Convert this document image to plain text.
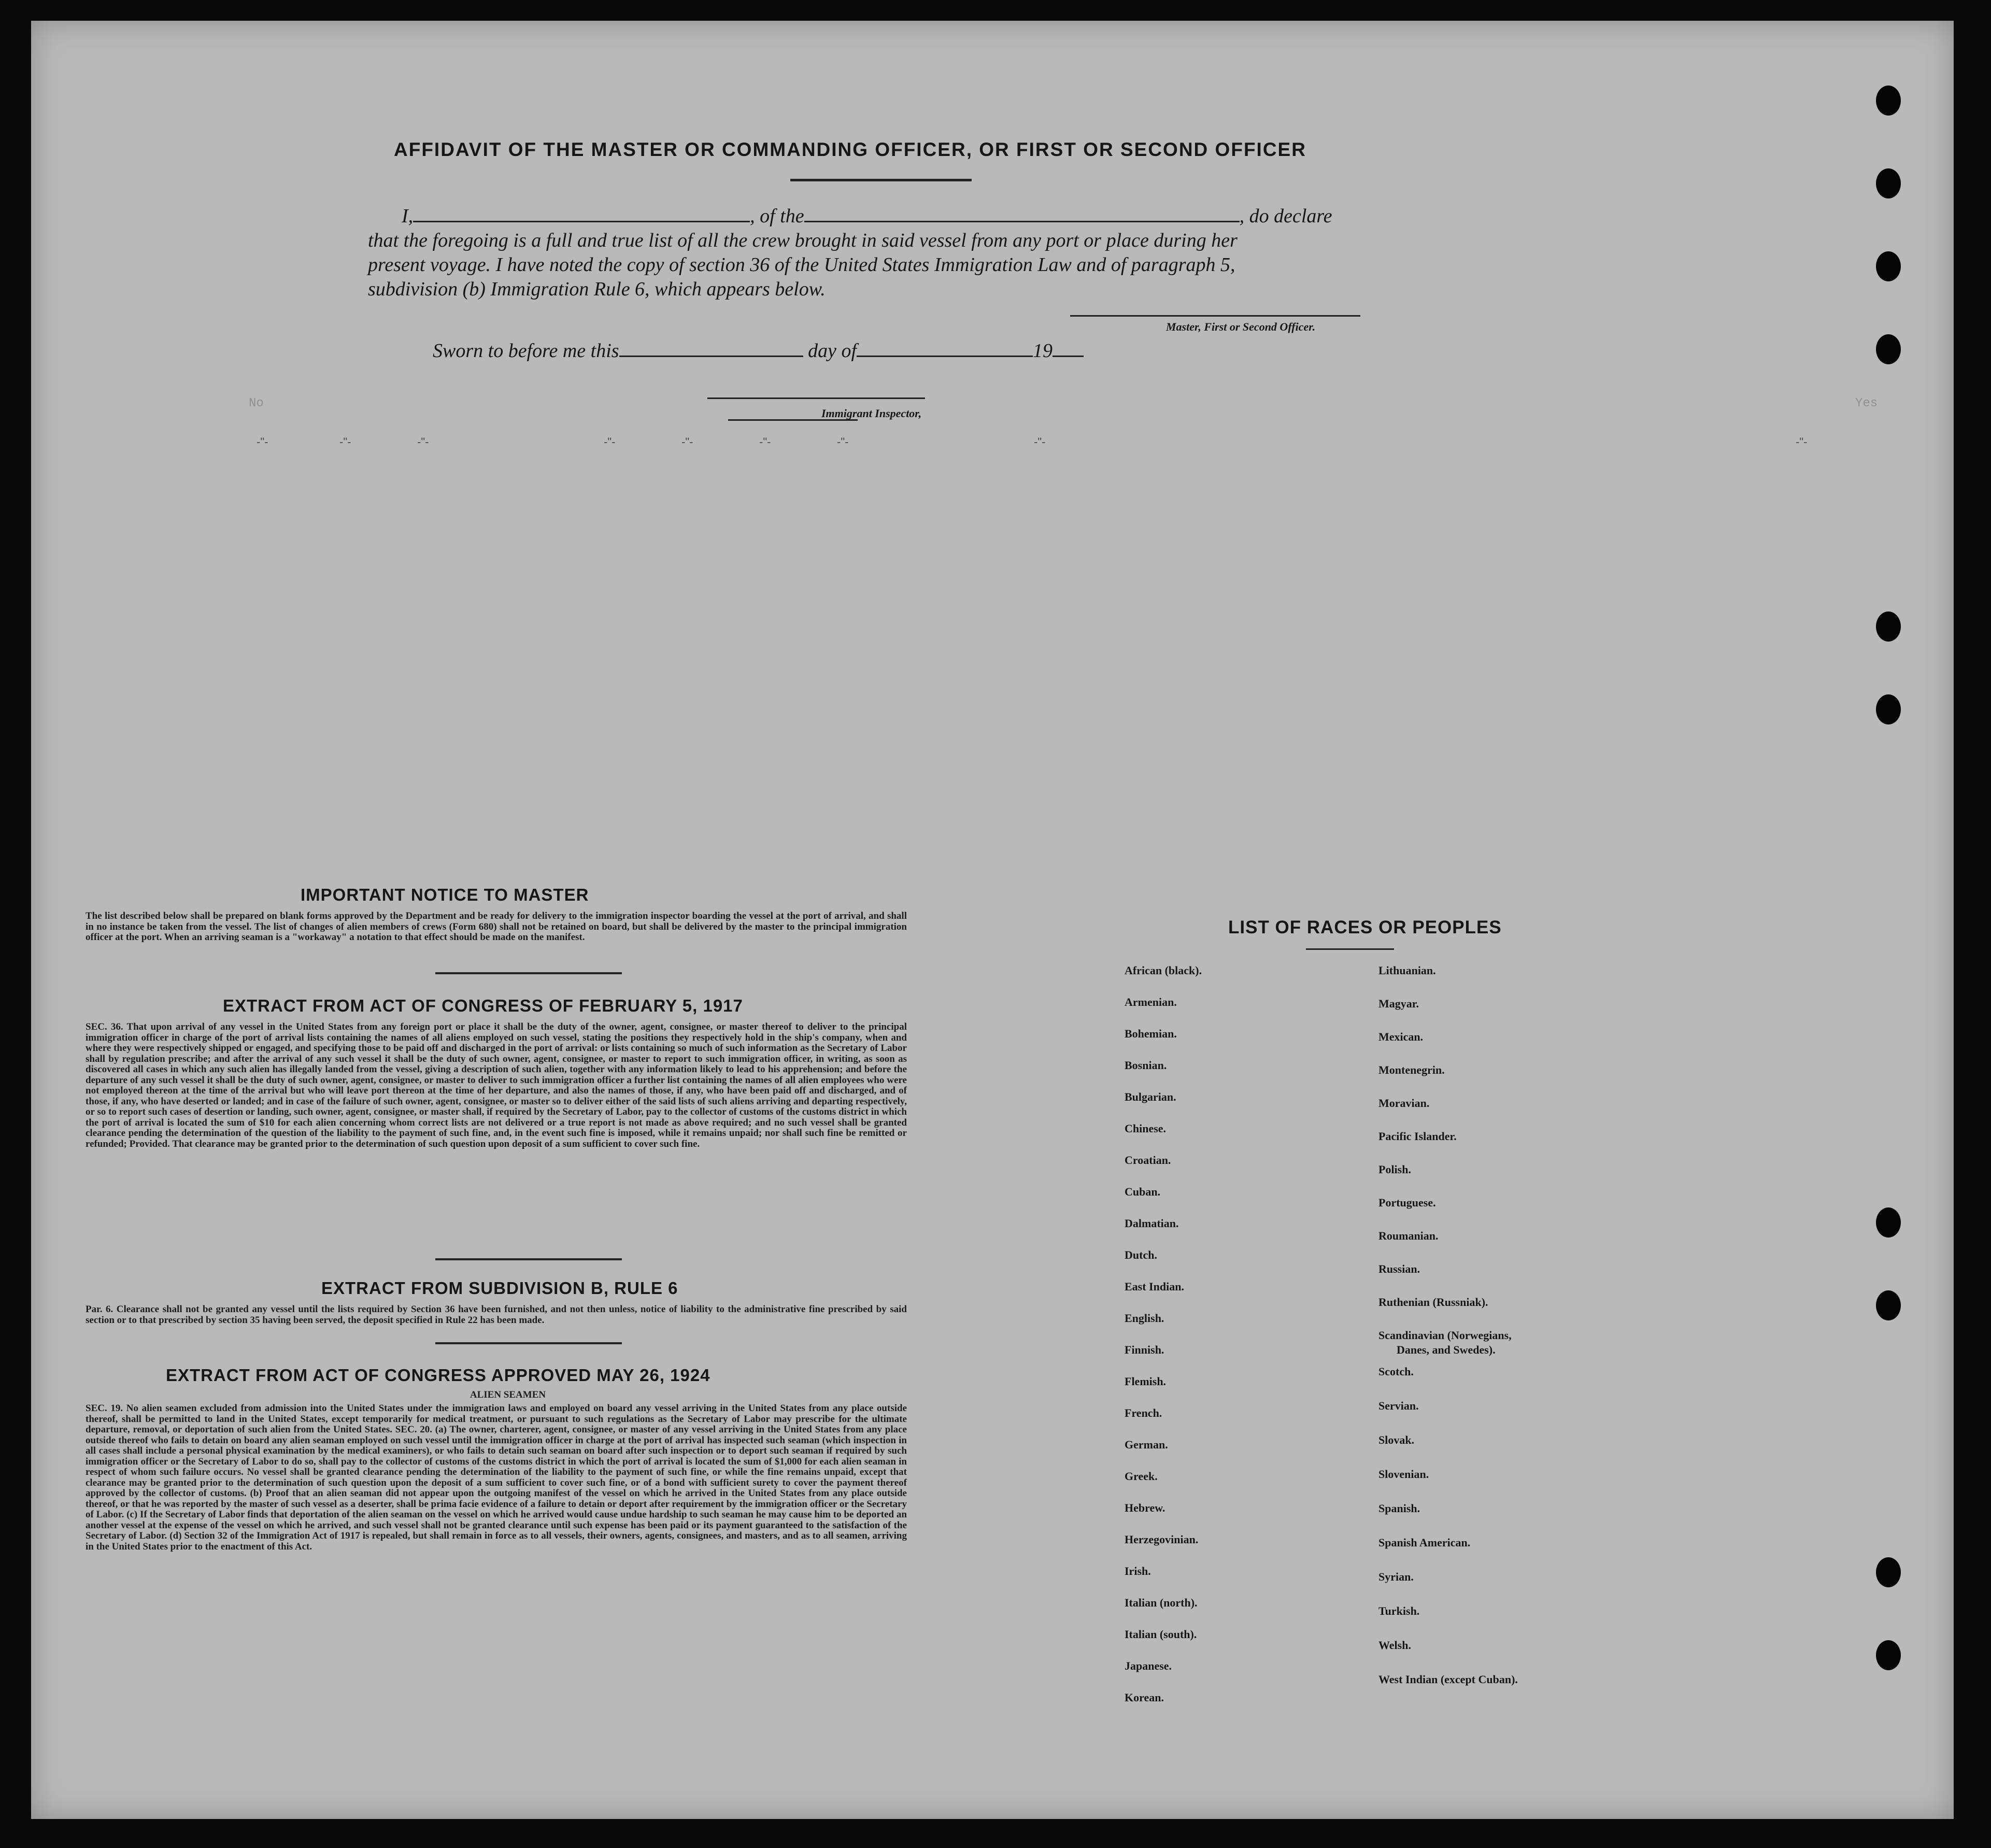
AFFIDAVIT OF THE MASTER OR COMMANDING OFFICER, OR FIRST OR SECOND OFFICER
I,	, of the	, do declare
that the foregoing is a full and true list of all the crew brought in said vessel from any port or place during her
present voyage. I have noted the copy of section 36 of the United States Immigration Law and of paragraph 5,
subdivision (b) Immigration Rule 6, which appears below.
Master, First or Second Officer.
Sworn to before me this	day of	19
Immigrant Inspector,
Yes
No
-"-	-"-	-"-	-"-	-"-	-"-	-"-	-"-	-"-
IMPORTANT NOTICE TO MASTER
The list described below shall be prepared on blank forms approved by the Department and be ready for delivery to the immigration inspector boarding the vessel at the port of arrival, and shall in no instance be taken from the vessel. The list of changes of alien members of crews (Form 680) shall not be retained on board, but shall be delivered by the master to the principal immigration officer at the port. When an arriving seaman is a "workaway" a notation to that effect should be made on the manifest.
EXTRACT FROM ACT OF CONGRESS OF FEBRUARY 5, 1917
SEC. 36. That upon arrival of any vessel in the United States from any foreign port or place it shall be the duty of the owner, agent, consignee, or master thereof to deliver to the principal immigration officer in charge of the port of arrival lists containing the names of all aliens employed on such vessel, stating the positions they respectively hold in the ship's company, when and where they were respectively shipped or engaged, and specifying those to be paid off and discharged in the port of arrival: or lists containing so much of such information as the Secretary of Labor shall by regulation prescribe; and after the arrival of any such vessel it shall be the duty of such owner, agent, consignee, or master to report to such immigration officer, in writing, as soon as discovered all cases in which any such alien has illegally landed from the vessel, giving a description of such alien, together with any information likely to lead to his apprehension; and before the departure of any such vessel it shall be the duty of such owner, agent, consignee, or master to deliver to such immigration officer a further list containing the names of all alien employees who were not employed thereon at the time of the arrival but who will leave port thereon at the time of her departure, and also the names of those, if any, who have been paid off and discharged, and of those, if any, who have deserted or landed; and in case of the failure of such owner, agent, consignee, or master so to deliver either of the said lists of such aliens arriving and departing respectively, or so to report such cases of desertion or landing, such owner, agent, consignee, or master shall, if required by the Secretary of Labor, pay to the collector of customs of the customs district in which the port of arrival is located the sum of $10 for each alien concerning whom correct lists are not delivered or a true report is not made as above required; and no such vessel shall be granted clearance pending the determination of the question of the liability to the payment of such fine, and, in the event such fine is imposed, while it remains unpaid; nor shall such fine be remitted or refunded; Provided. That clearance may be granted prior to the determination of such question upon deposit of a sum sufficient to cover such fine.
EXTRACT FROM SUBDIVISION B, RULE 6
Par. 6. Clearance shall not be granted any vessel until the lists required by Section 36 have been furnished, and not then unless, notice of liability to the administrative fine prescribed by said section or to that prescribed by section 35 having been served, the deposit specified in Rule 22 has been made.
EXTRACT FROM ACT OF CONGRESS APPROVED MAY 26, 1924
ALIEN SEAMEN
SEC. 19. No alien seamen excluded from admission into the United States under the immigration laws and employed on board any vessel arriving in the United States from any place outside thereof, shall be permitted to land in the United States, except temporarily for medical treatment, or pursuant to such regulations as the Secretary of Labor may prescribe for the ultimate departure, removal, or deportation of such alien from the United States. SEC. 20. (a) The owner, charterer, agent, consignee, or master of any vessel arriving in the United States from any place outside thereof who fails to detain on board any alien seaman employed on such vessel until the immigration officer in charge at the port of arrival has inspected such seaman (which inspection in all cases shall include a personal physical examination by the medical examiners), or who fails to detain such seaman on board after such inspection or to deport such seaman if required by such immigration officer or the Secretary of Labor to do so, shall pay to the collector of customs of the customs district in which the port of arrival is located the sum of $1,000 for each alien seaman in respect of whom such failure occurs. No vessel shall be granted clearance pending the determination of the liability to the payment of such fine, or while the fine remains unpaid, except that clearance may be granted prior to the determination of such question upon the deposit of a sum sufficient to cover such fine, or of a bond with sufficient surety to cover the payment thereof approved by the collector of customs. (b) Proof that an alien seaman did not appear upon the outgoing manifest of the vessel on which he arrived in the United States from any place outside thereof, or that he was reported by the master of such vessel as a deserter, shall be prima facie evidence of a failure to detain or deport after requirement by the immigration officer or the Secretary of Labor. (c) If the Secretary of Labor finds that deportation of the alien seaman on the vessel on which he arrived would cause undue hardship to such seaman he may cause him to be deported an another vessel at the expense of the vessel on which he arrived, and such vessel shall not be granted clearance until such expense has been paid or its payment guaranteed to the satisfaction of the Secretary of Labor. (d) Section 32 of the Immigration Act of 1917 is repealed, but shall remain in force as to all vessels, their owners, agents, consignees, and masters, and as to all seamen, arriving in the United States prior to the enactment of this Act.
LIST OF RACES OR PEOPLES
African (black).
Armenian.
Bohemian.
Bosnian.
Bulgarian.
Chinese.
Croatian.
Cuban.
Dalmatian.
Dutch.
East Indian.
English.
Finnish.
Flemish.
French.
German.
Greek.
Hebrew.
Herzegovinian.
Irish.
Italian (north).
Italian (south).
Japanese.
Korean.
Lithuanian.
Magyar.
Mexican.
Montenegrin.
Moravian.
Pacific Islander.
Polish.
Portuguese.
Roumanian.
Russian.
Ruthenian (Russniak).
Scandinavian (Norwegians,
Danes, and Swedes).
Scotch.
Servian.
Slovak.
Slovenian.
Spanish.
Spanish American.
Syrian.
Turkish.
Welsh.
West Indian (except Cuban).
